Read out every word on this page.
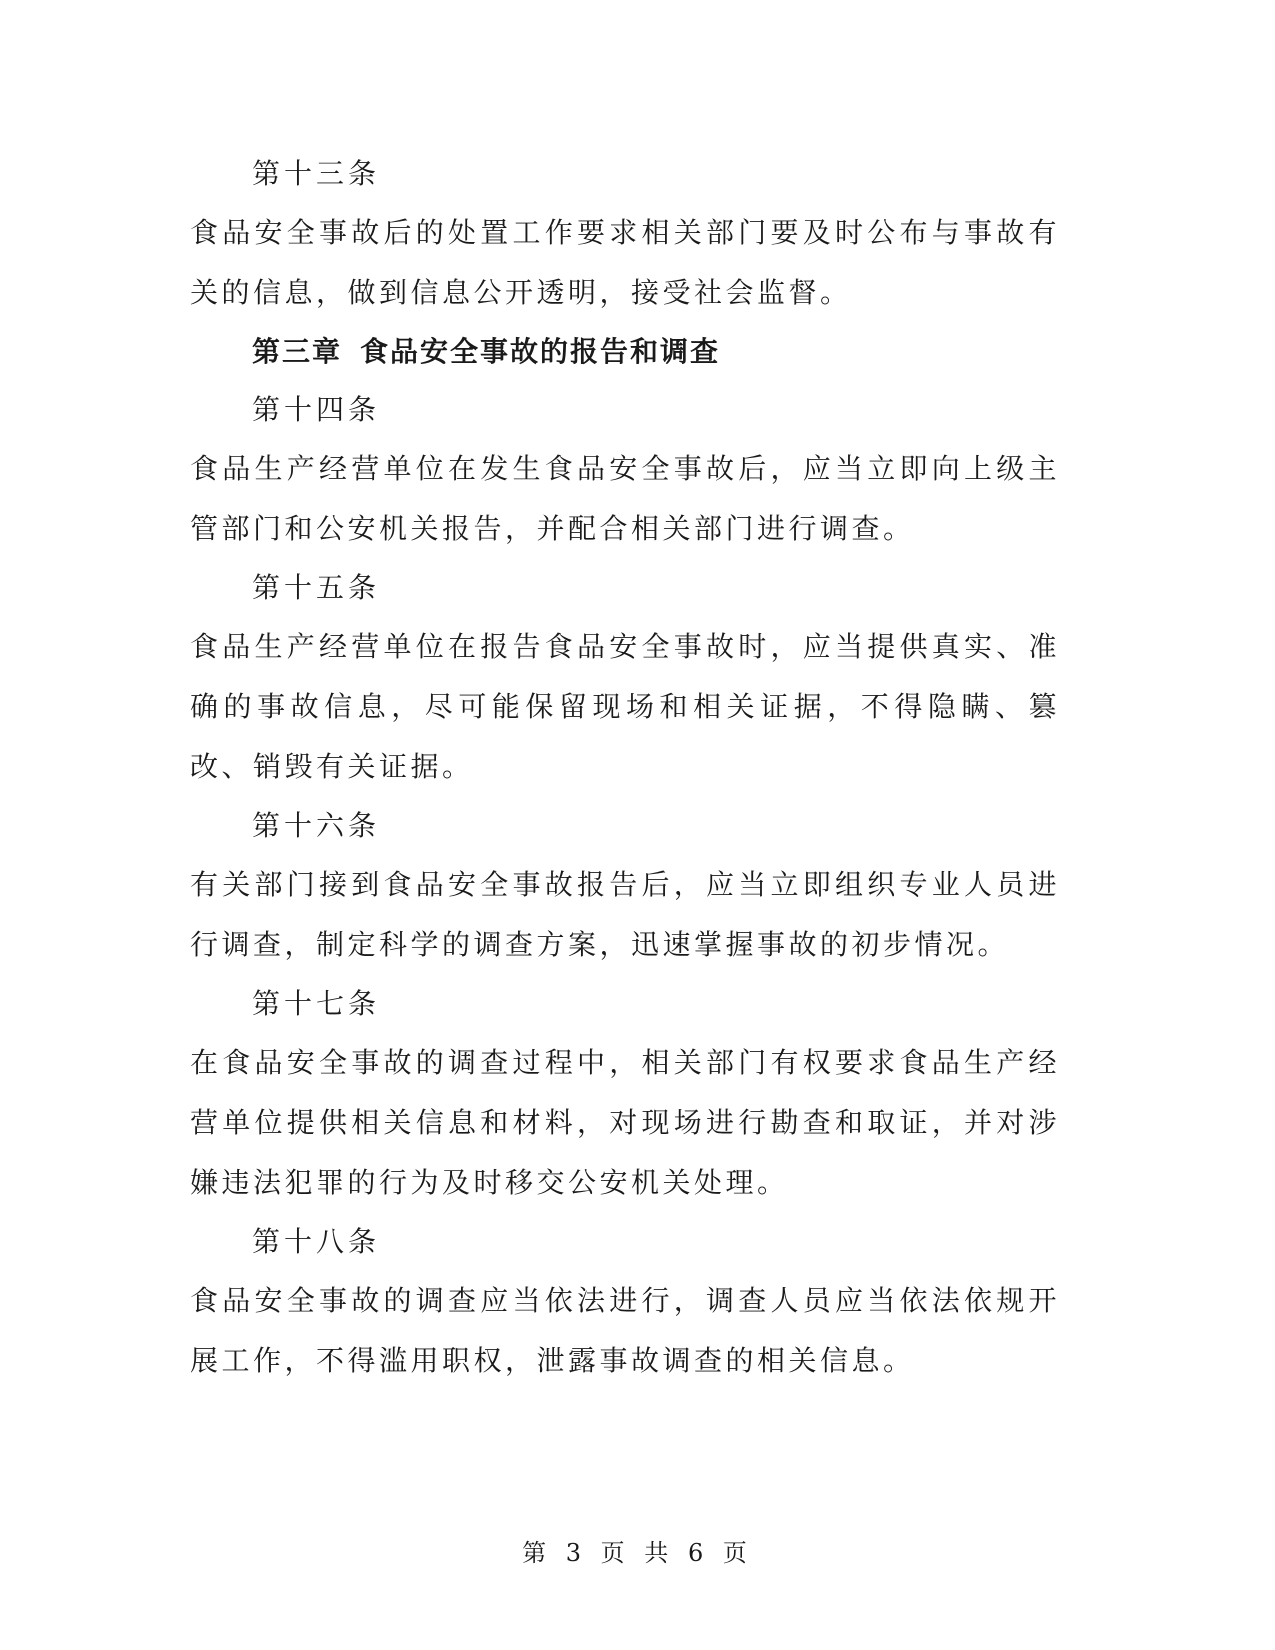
第十三条

食品安全事故后的处置工作要求相关部门要及时公布与事故有关的信息，做到信息公开透明，接受社会监督。

第三章 食品安全事故的报告和调查
第十四条

食品生产经营单位在发生食品安全事故后，应当立即向上级主管部门和公安机关报告，并配合相关部门进行调查。

第十五条

食品生产经营单位在报告食品安全事故时，应当提供真实、准确的事故信息，尽可能保留现场和相关证据，不得隐瞒、篡改、销毁有关证据。

第十六条

有关部门接到食品安全事故报告后，应当立即组织专业人员进行调查，制定科学的调查方案，迅速掌握事故的初步情况。

第十七条

在食品安全事故的调查过程中，相关部门有权要求食品生产经营单位提供相关信息和材料，对现场进行勘查和取证，并对涉嫌违法犯罪的行为及时移交公安机关处理。

第十八条

食品安全事故的调查应当依法进行，调查人员应当依法依规开展工作，不得滥用职权，泄露事故调查的相关信息。

第 3 页 共 6 页
